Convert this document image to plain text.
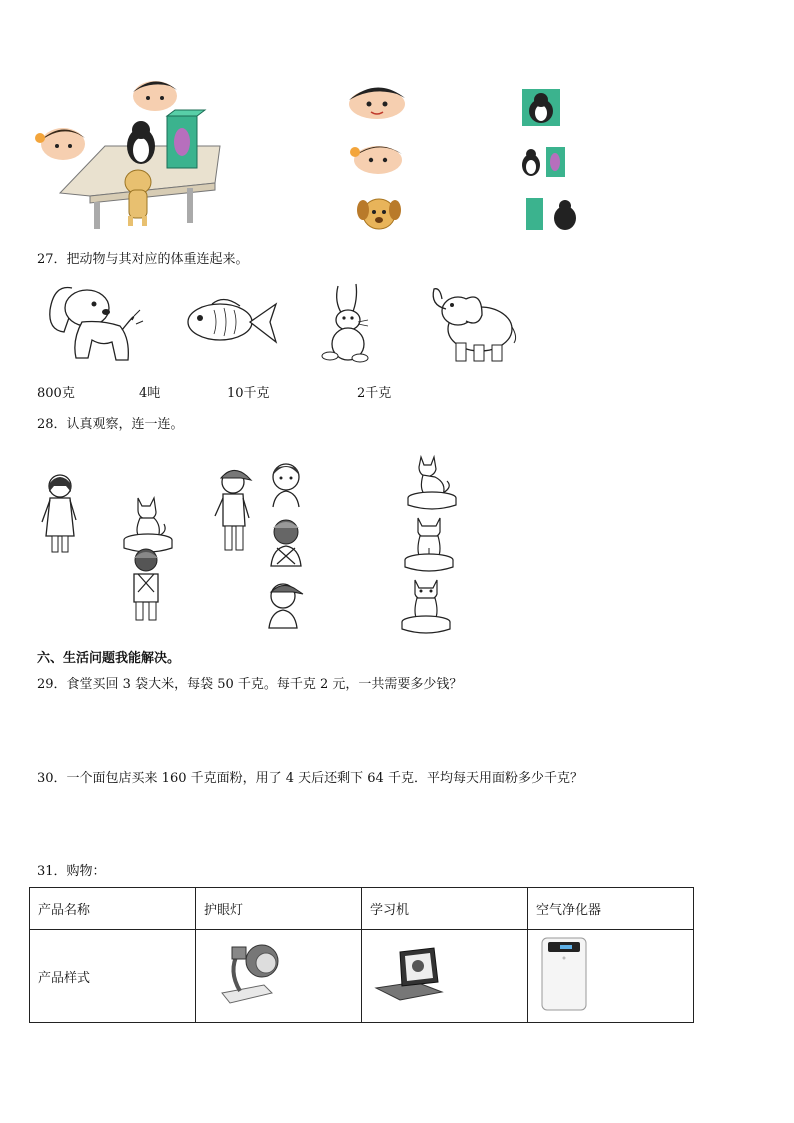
27．把动物与其对应的体重连起来。
800克	4吨	10千克	2千克
28．认真观察，连一连。
六、生活问题我能解决。
29．食堂买回 3 袋大米，每袋 50 千克。每千克 2 元，一共需要多少钱？
30．一个面包店买来 160 千克面粉，用了 4 天后还剩下 64 千克．平均每天用面粉多少千克？
31．购物：
产品名称	护眼灯	学习机	空气净化器
产品样式			
